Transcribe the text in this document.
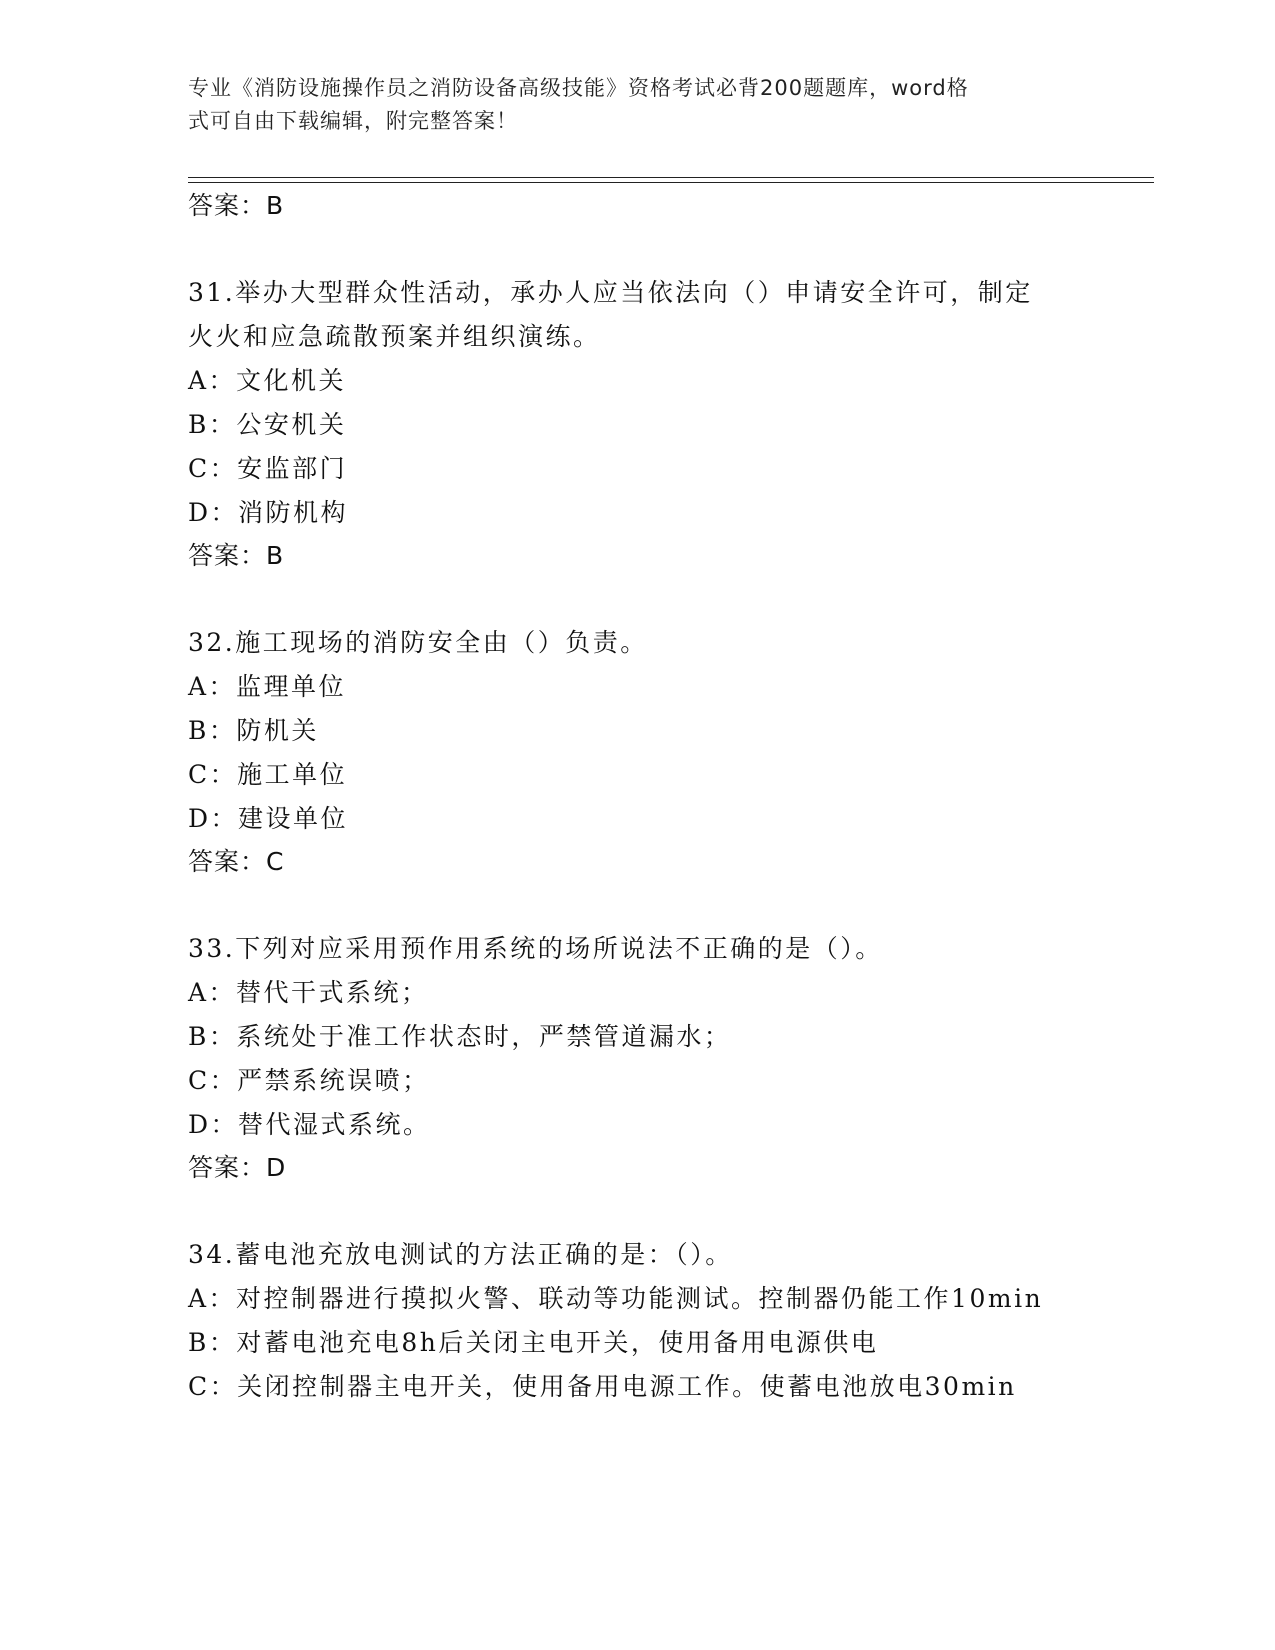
专业《消防设施操作员之消防设备高级技能》资格考试必背200题题库，word格
式可自由下载编辑，附完整答案！
答案：B
31.举办大型群众性活动，承办人应当依法向（）申请安全许可，制定
火火和应急疏散预案并组织演练。
A：文化机关
B：公安机关
C：安监部门
D：消防机构
答案：B
32.施工现场的消防安全由（）负责。
A：监理单位
B：防机关
C：施工单位
D：建设单位
答案：C
33.下列对应采用预作用系统的场所说法不正确的是（）。
A：替代干式系统；
B：系统处于准工作状态时，严禁管道漏水；
C：严禁系统误喷；
D：替代湿式系统。
答案：D
34.蓄电池充放电测试的方法正确的是：（）。
A：对控制器进行摸拟火警、联动等功能测试。控制器仍能工作10min
B：对蓄电池充电8h后关闭主电开关，使用备用电源供电
C：关闭控制器主电开关，使用备用电源工作。使蓄电池放电30min
